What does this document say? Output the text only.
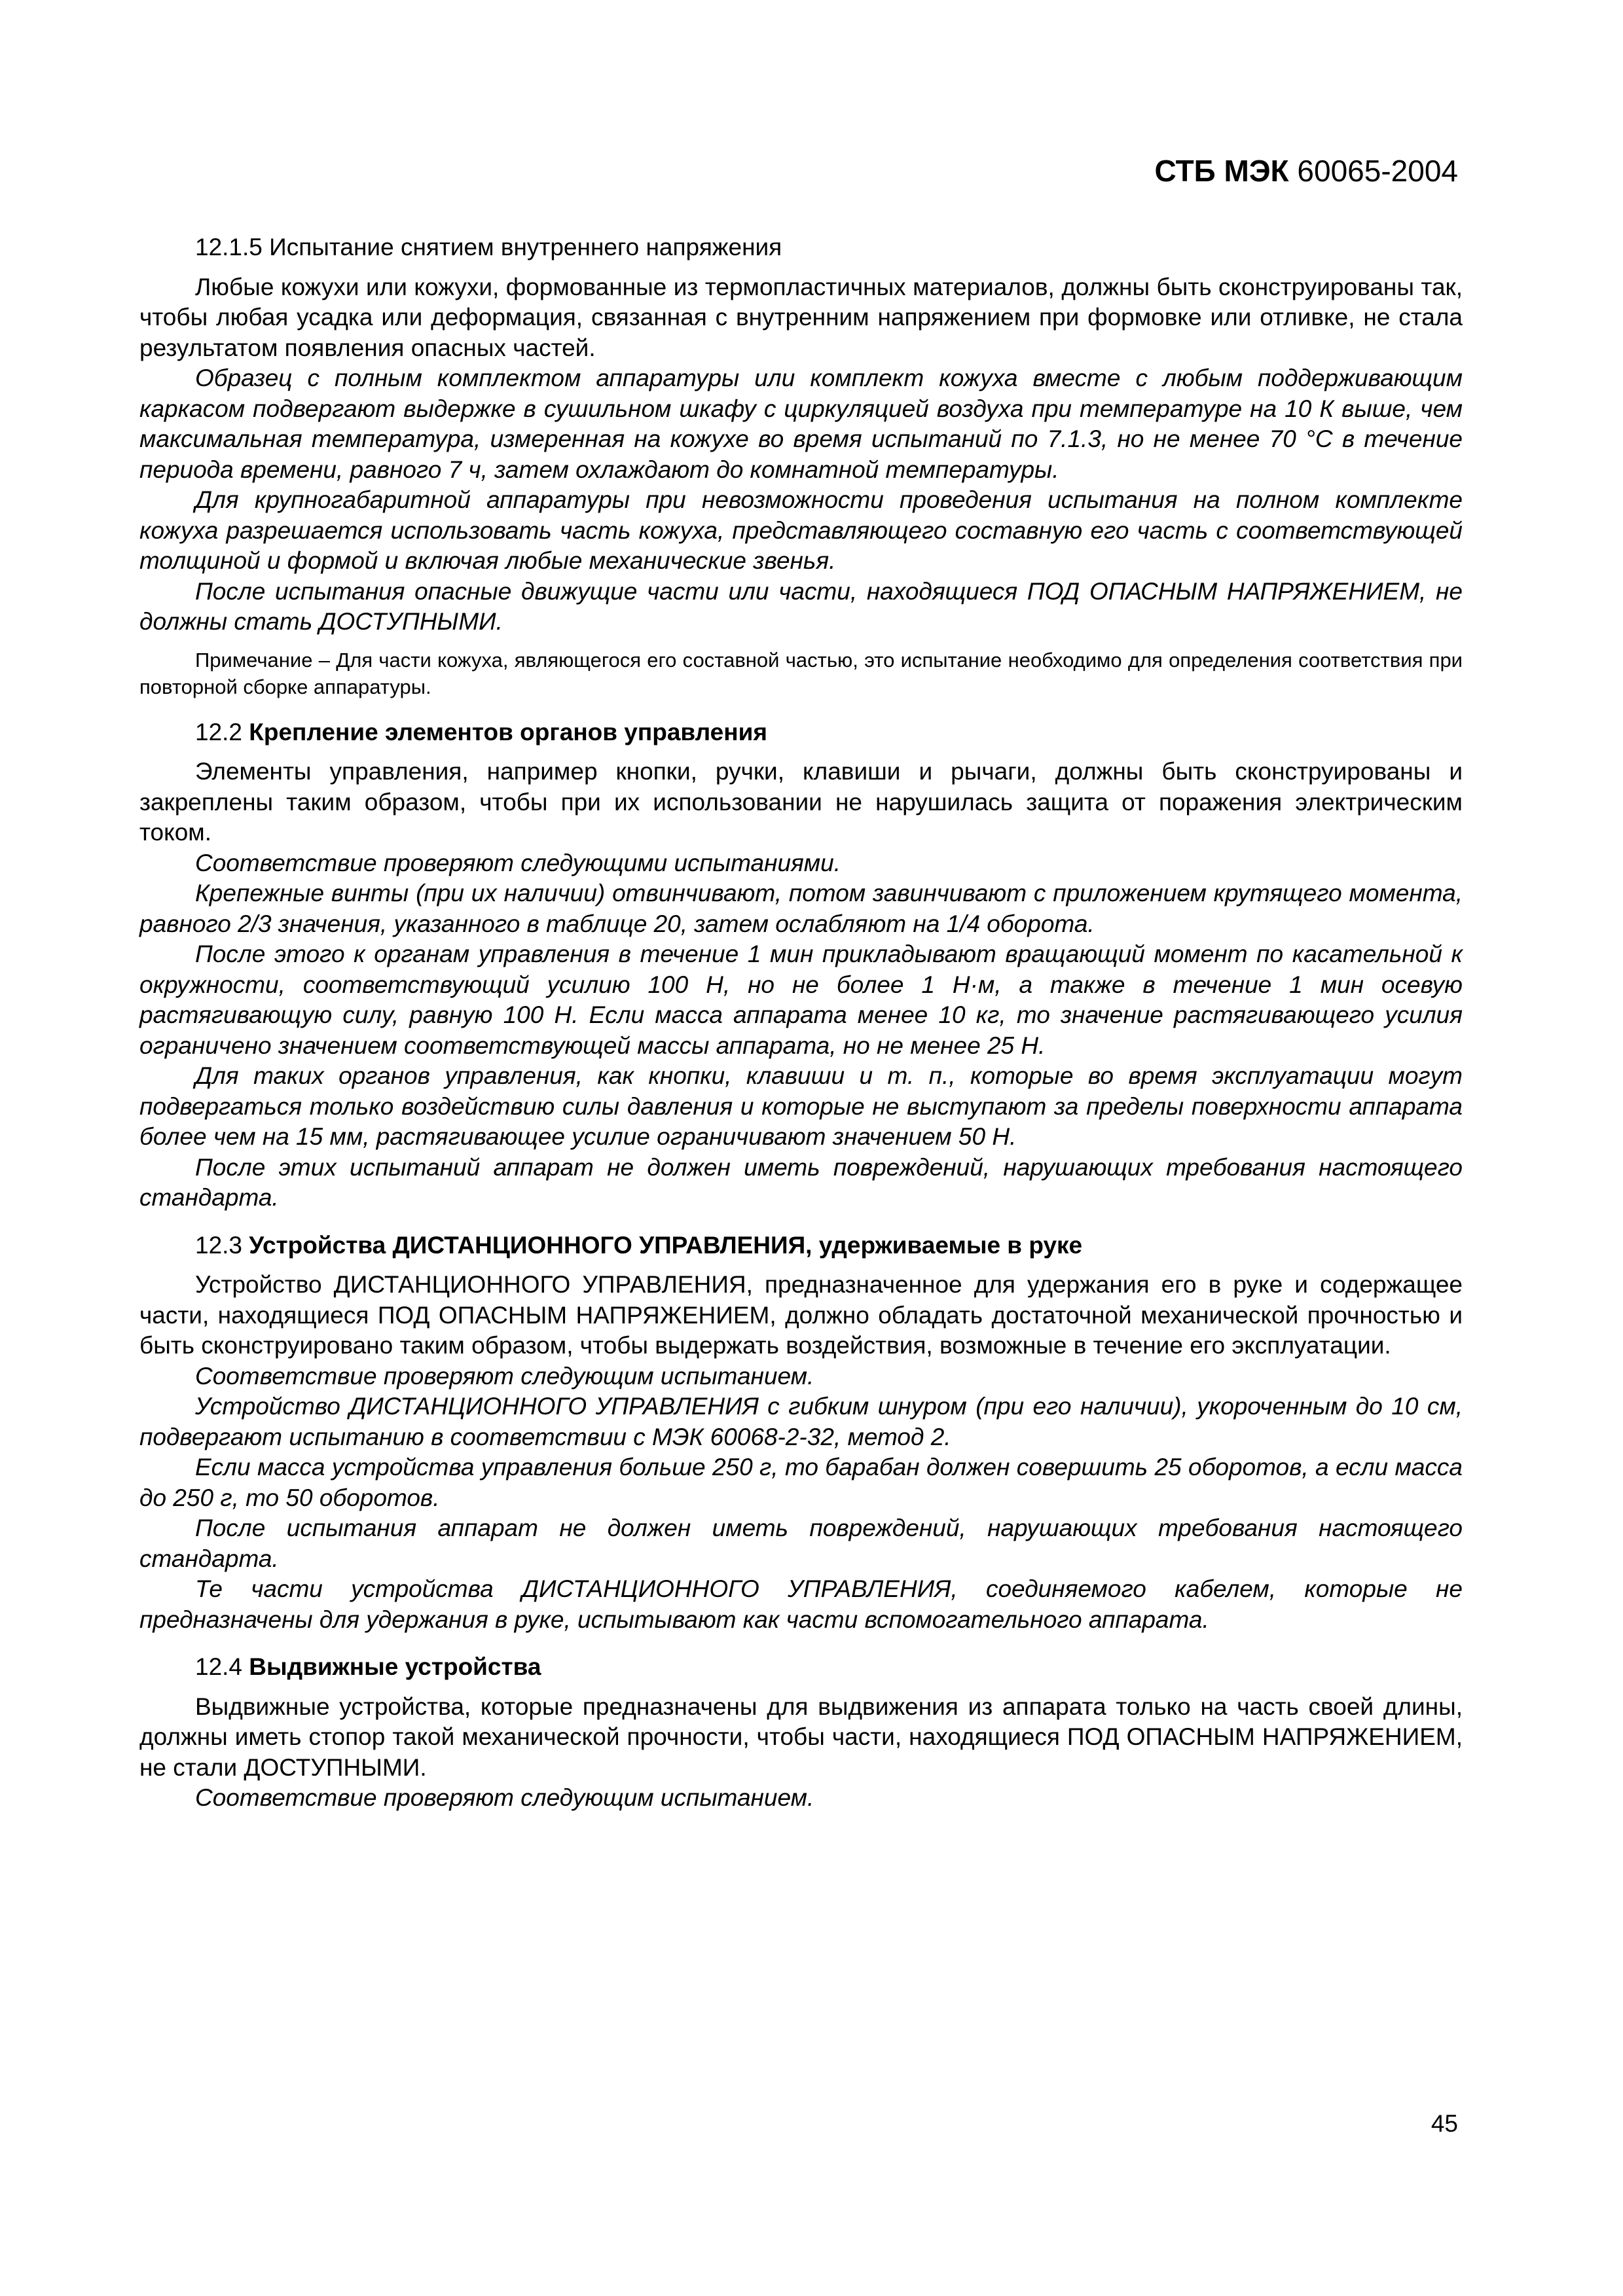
СТБ МЭК 60065-2004
12.1.5 Испытание снятием внутреннего напряжения

Любые кожухи или кожухи, формованные из термопластичных материалов, должны быть сконструированы так, чтобы любая усадка или деформация, связанная с внутренним напряжением при формовке или отливке, не стала результатом появления опасных частей.

Образец с полным комплектом аппаратуры или комплект кожуха вместе с любым поддерживающим каркасом подвергают выдержке в сушильном шкафу с циркуляцией воздуха при температуре на 10 К выше, чем максимальная температура, измеренная на кожухе во время испытаний по 7.1.3, но не менее 70 °С в течение периода времени, равного 7 ч, затем охлаждают до комнатной температуры.

Для крупногабаритной аппаратуры при невозможности проведения испытания на полном комплекте кожуха разрешается использовать часть кожуха, представляющего составную его часть с соответствующей толщиной и формой и включая любые механические звенья.

После испытания опасные движущие части или части, находящиеся ПОД ОПАСНЫМ НАПРЯЖЕНИЕМ, не должны стать ДОСТУПНЫМИ.

Примечание – Для части кожуха, являющегося его составной частью, это испытание необходимо для определения соответствия при повторной сборке аппаратуры.

12.2 Крепление элементов органов управления

Элементы управления, например кнопки, ручки, клавиши и рычаги, должны быть сконструированы и закреплены таким образом, чтобы при их использовании не нарушилась защита от поражения электрическим током.

Соответствие проверяют следующими испытаниями.

Крепежные винты (при их наличии) отвинчивают, потом завинчивают с приложением крутящего момента, равного 2/3 значения, указанного в таблице 20, затем ослабляют на 1/4 оборота.

После этого к органам управления в течение 1 мин прикладывают вращающий момент по касательной к окружности, соответствующий усилию 100 Н, но не более 1 Н·м, а также в течение 1 мин осевую растягивающую силу, равную 100 Н. Если масса аппарата менее 10 кг, то значение растягивающего усилия ограничено значением соответствующей массы аппарата, но не менее 25 Н.

Для таких органов управления, как кнопки, клавиши и т. п., которые во время эксплуатации могут подвергаться только воздействию силы давления и которые не выступают за пределы поверхности аппарата более чем на 15 мм, растягивающее усилие ограничивают значением 50 Н.

После этих испытаний аппарат не должен иметь повреждений, нарушающих требования настоящего стандарта.

12.3 Устройства ДИСТАНЦИОННОГО УПРАВЛЕНИЯ, удерживаемые в руке

Устройство ДИСТАНЦИОННОГО УПРАВЛЕНИЯ, предназначенное для удержания его в руке и содержащее части, находящиеся ПОД ОПАСНЫМ НАПРЯЖЕНИЕМ, должно обладать достаточной механической прочностью и быть сконструировано таким образом, чтобы выдержать воздействия, возможные в течение его эксплуатации.

Соответствие проверяют следующим испытанием.

Устройство ДИСТАНЦИОННОГО УПРАВЛЕНИЯ с гибким шнуром (при его наличии), укороченным до 10 см, подвергают испытанию в соответствии с МЭК 60068-2-32, метод 2.

Если масса устройства управления больше 250 г, то барабан должен совершить 25 оборотов, а если масса до 250 г, то 50 оборотов.

После испытания аппарат не должен иметь повреждений, нарушающих требования настоящего стандарта.

Те части устройства ДИСТАНЦИОННОГО УПРАВЛЕНИЯ, соединяемого кабелем, которые не предназначены для удержания в руке, испытывают как части вспомогательного аппарата.

12.4 Выдвижные устройства

Выдвижные устройства, которые предназначены для выдвижения из аппарата только на часть своей длины, должны иметь стопор такой механической прочности, чтобы части, находящиеся ПОД ОПАСНЫМ НАПРЯЖЕНИЕМ, не стали ДОСТУПНЫМИ.

Соответствие проверяют следующим испытанием.

45
